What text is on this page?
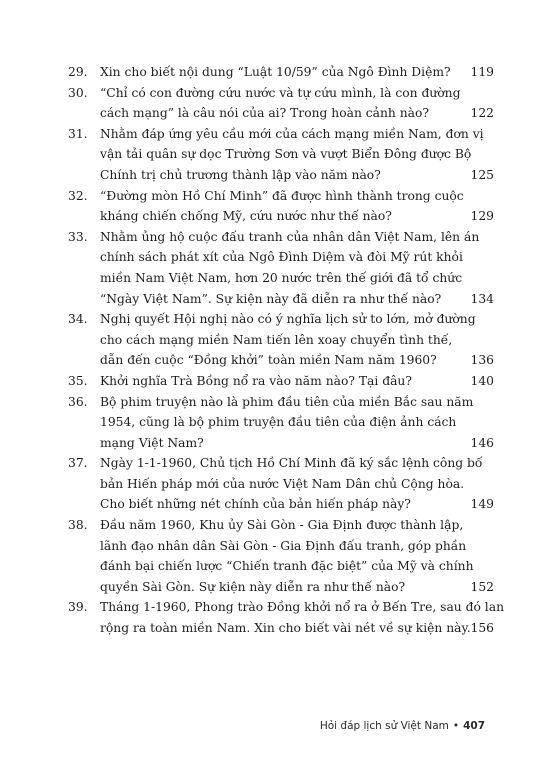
29. Xin cho biết nội dung “Luật 10/59” của Ngô Đình Diệm?	119
30. “Chỉ có con đường cứu nước và tự cứu mình, là con đường
cách mạng” là câu nói của ai? Trong hoàn cảnh nào?	122
31. Nhằm đáp ứng yêu cầu mới của cách mạng miền Nam, đơn vị
vận tải quân sự dọc Trường Sơn và vượt Biển Đông được Bộ
Chính trị chủ trương thành lập vào năm nào?	125
32. “Đường mòn Hồ Chí Minh” đã được hình thành trong cuộc
kháng chiến chống Mỹ, cứu nước như thế nào?	129
33. Nhằm ủng hộ cuộc đấu tranh của nhân dân Việt Nam, lên án
chính sách phát xít của Ngô Đình Diệm và đòi Mỹ rút khỏi
miền Nam Việt Nam, hơn 20 nước trên thế giới đã tổ chức
“Ngày Việt Nam”. Sự kiện này đã diễn ra như thế nào?	134
34. Nghị quyết Hội nghị nào có ý nghĩa lịch sử to lớn, mở đường
cho cách mạng miền Nam tiến lên xoay chuyển tình thế,
dẫn đến cuộc “Đồng khởi” toàn miền Nam năm 1960?	136
35. Khởi nghĩa Trà Bồng nổ ra vào năm nào? Tại đâu?	140
36. Bộ phim truyện nào là phim đầu tiên của miền Bắc sau năm
1954, cũng là bộ phim truyện đầu tiên của điện ảnh cách
mạng Việt Nam?	146
37. Ngày 1-1-1960, Chủ tịch Hồ Chí Minh đã ký sắc lệnh công bố
bản Hiến pháp mới của nước Việt Nam Dân chủ Cộng hòa.
Cho biết những nét chính của bản hiến pháp này?	149
38. Đầu năm 1960, Khu ủy Sài Gòn - Gia Định được thành lập,
lãnh đạo nhân dân Sài Gòn - Gia Định đấu tranh, góp phần
đánh bại chiến lược “Chiến tranh đặc biệt” của Mỹ và chính
quyền Sài Gòn. Sự kiện này diễn ra như thế nào?	152
39. Tháng 1-1960, Phong trào Đồng khởi nổ ra ở Bến Tre, sau đó lan
rộng ra toàn miền Nam. Xin cho biết vài nét về sự kiện này. 156
Hỏi đáp lịch sử Việt Nam • 407
